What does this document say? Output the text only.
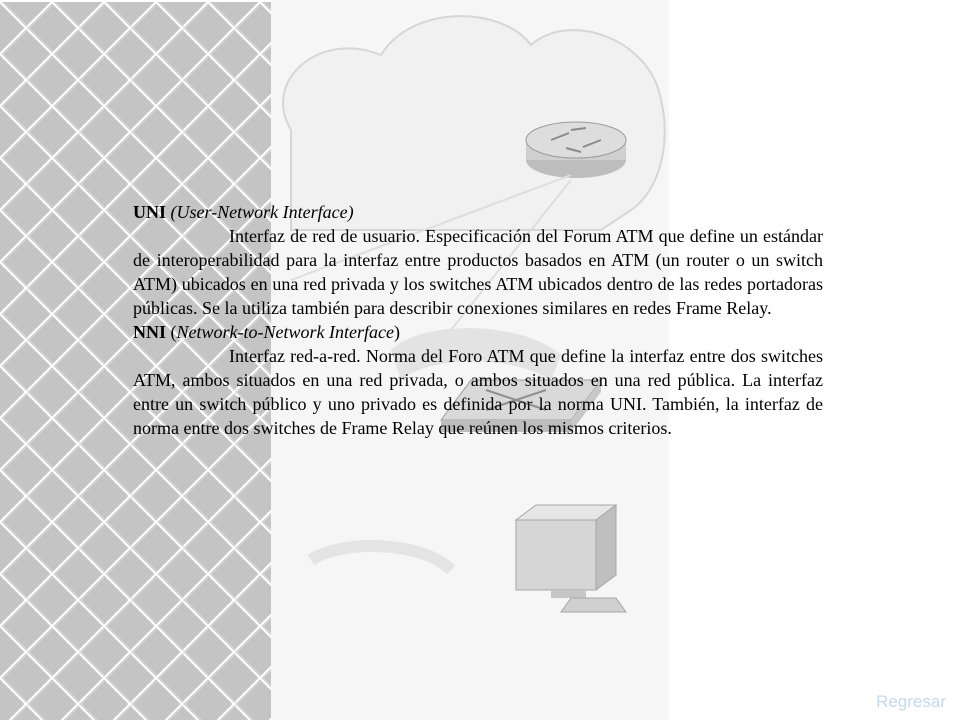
UNI (User-Network Interface)

Interfaz de red de usuario. Especificación del Forum ATM que define un estándar de interoperabilidad para la interfaz entre productos basados en ATM (un router o un switch ATM) ubicados en una red privada y los switches ATM ubicados dentro de las redes portadoras públicas. Se la utiliza también para describir conexiones similares en redes Frame Relay.

NNI (Network-to-Network Interface)

Interfaz red-a-red. Norma del Foro ATM que define la interfaz entre dos switches ATM, ambos situados en una red privada, o ambos situados en una red pública. La interfaz entre un switch público y uno privado es definida por la norma UNI. También, la interfaz de norma entre dos switches de Frame Relay que reúnen los mismos criterios.

Regresar
